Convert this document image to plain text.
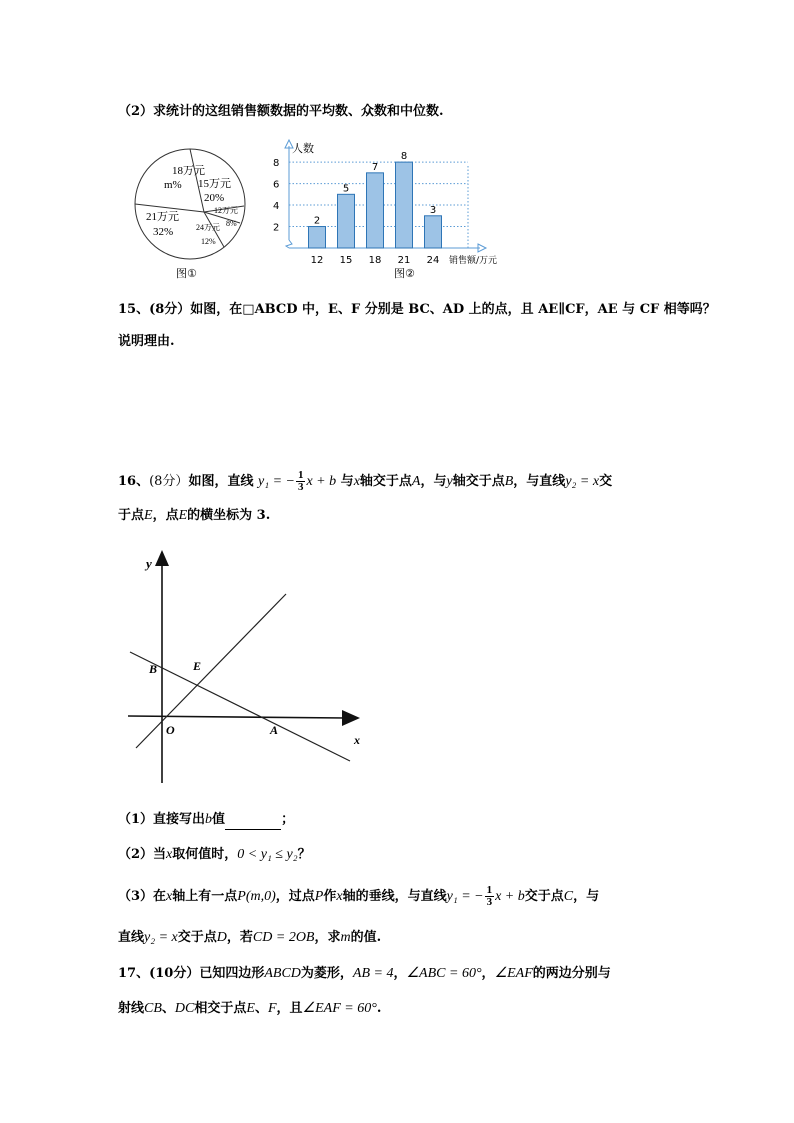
（2）求统计的这组销售额数据的平均数、众数和中位数.
18万元
m% 15万元
20%
12万元
8%
24万元
12%
21万元
32%
图①
人数
销售额/万元
2
4
6
8
2
12
5
15
7
18
8
21
3
24
图②
15、(8分）如图，在□ABCD 中，E、F 分别是 BC、AD 上的点，且 AE∥CF，AE 与 CF 相等吗？
说明理由.
16、(8分）如图，直线 y₁ = − $\frac{1}{3}$ x + b 与x轴交于点A，与y轴交于点B，与直线y₂ = x交
于点E，点E的横坐标为 3.
y
x
O	A
B	E
（1）直接写出b值	；
（2）当x取何值时，0 < y₁ ≤ y₂？
（3）在x轴上有一点P(m,0)，过点P作x轴的垂线，与直线y₁ = − $\frac{1}{3}$ x + b交于点C，与
直线y₂ = x交于点D，若CD = 2OB，求m的值.
17、(10分）已知四边形ABCD为菱形，AB = 4，∠ABC = 60°，∠EAF的两边分别与
射线CB、DC相交于点E、F，且∠EAF = 60°.
